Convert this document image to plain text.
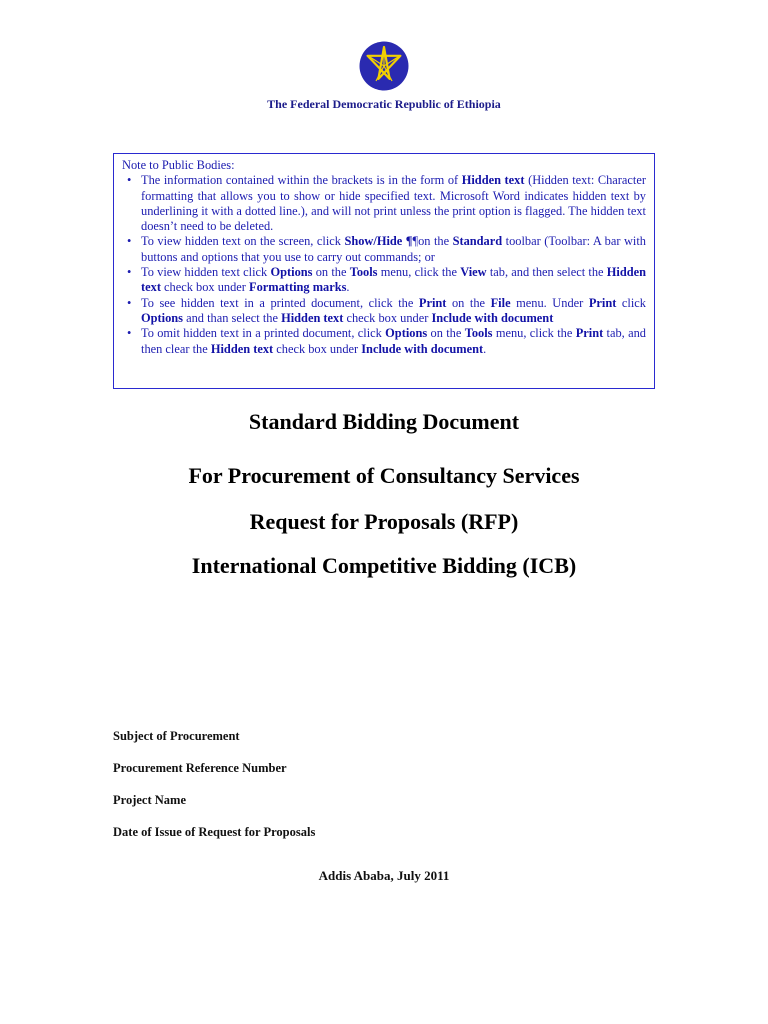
The Federal Democratic Republic of Ethiopia
Note to Public Bodies:
• The information contained within the brackets is in the form of Hidden text (Hidden text: Character formatting that allows you to show or hide specified text. Microsoft Word indicates hidden text by underlining it with a dotted line.), and will not print unless the print option is flagged. The hidden text doesn’t need to be deleted.
• To view hidden text on the screen, click Show/Hide ¶¶on the Standard toolbar (Toolbar: A bar with buttons and options that you use to carry out commands; or
• To view hidden text click Options on the Tools menu, click the View tab, and then select the Hidden text check box under Formatting marks.
• To see hidden text in a printed document, click the Print on the File menu. Under Print click Options and than select the Hidden text check box under Include with document
• To omit hidden text in a printed document, click Options on the Tools menu, click the Print tab, and then clear the Hidden text check box under Include with document.
Standard Bidding Document
For Procurement of Consultancy Services
Request for Proposals (RFP)
International Competitive Bidding (ICB)
Subject of Procurement
Procurement Reference Number
Project Name
Date of Issue of Request for Proposals
Addis Ababa, July 2011
